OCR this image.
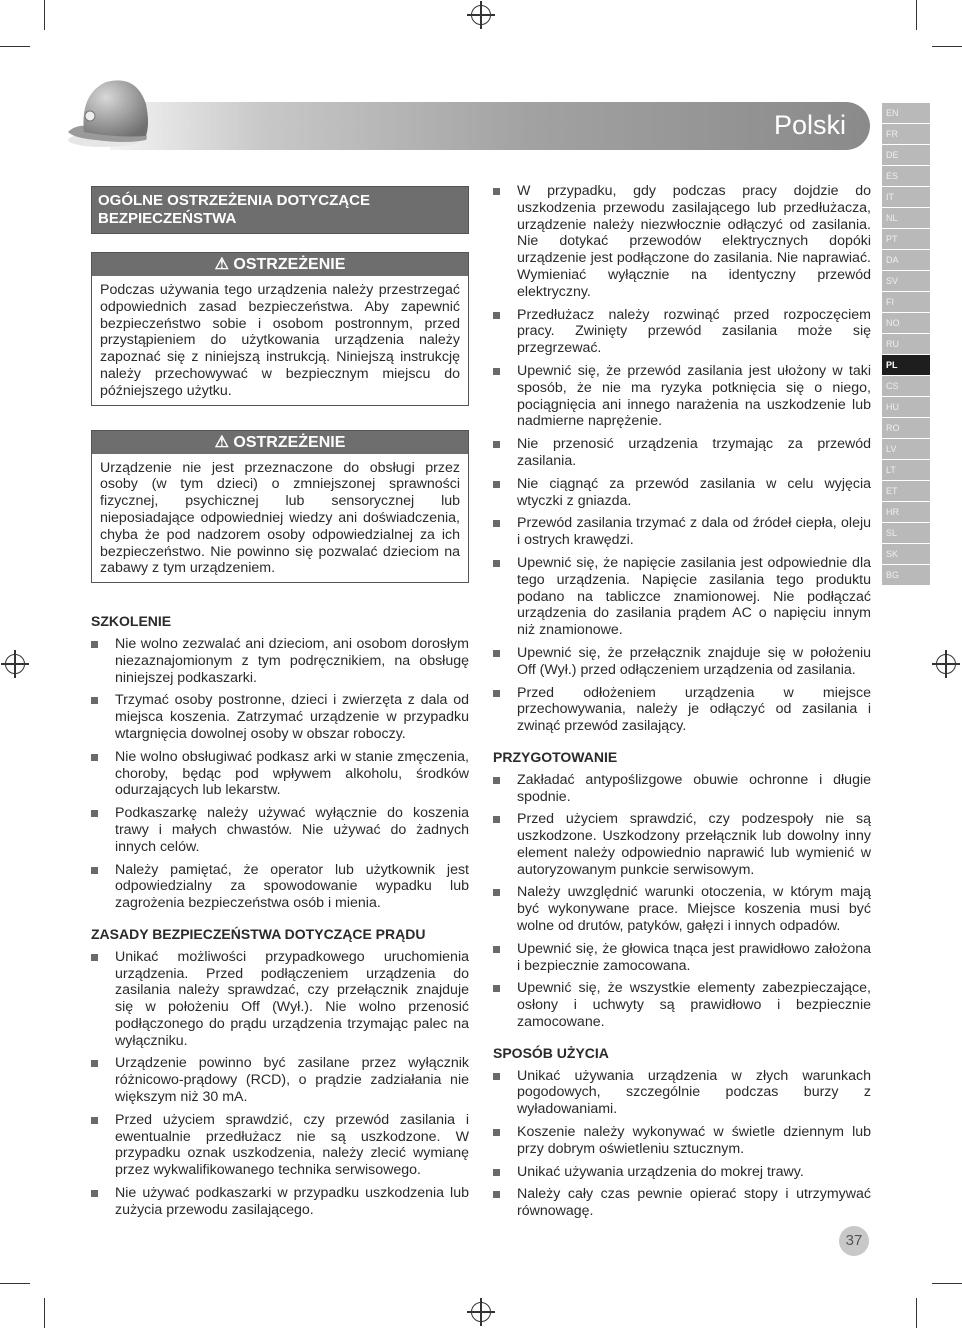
Polski	EN
FR
DE
ES
IT
NL
PT
DA
SV
FI
NO
RU
PL
CS
HU
RO
LV
LT
ET
HR
SL
SK
BG
OGÓLNE OSTRZEŻENIA DOTYCZĄCE BEZPIECZEŃSTWA
⚠ OSTRZEŻENIE
Podczas używania tego urządzenia należy przestrzegać odpowiednich zasad bezpieczeństwa. Aby zapewnić bezpieczeństwo sobie i osobom postronnym, przed przystąpieniem do użytkowania urządzenia należy zapoznać się z niniejszą instrukcją. Niniejszą instrukcję należy przechowywać w bezpiecznym miejscu do późniejszego użytku.
⚠ OSTRZEŻENIE
Urządzenie nie jest przeznaczone do obsługi przez osoby (w tym dzieci) o zmniejszonej sprawności fizycznej, psychicznej lub sensorycznej lub nieposiadające odpowiedniej wiedzy ani doświadczenia, chyba że pod nadzorem osoby odpowiedzialnej za ich bezpieczeństwo. Nie powinno się pozwalać dzieciom na zabawy z tym urządzeniem.
SZKOLENIE
Nie wolno zezwalać ani dzieciom, ani osobom dorosłym niezaznajomionym z tym podręcznikiem, na obsługę niniejszej podkaszarki.
Trzymać osoby postronne, dzieci i zwierzęta z dala od miejsca koszenia. Zatrzymać urządzenie w przypadku wtargnięcia dowolnej osoby w obszar roboczy.
Nie wolno obsługiwać podkasz arki w stanie zmęczenia, choroby, będąc pod wpływem alkoholu, środków odurzających lub lekarstw.
Podkaszarkę należy używać wyłącznie do koszenia trawy i małych chwastów. Nie używać do żadnych innych celów.
Należy pamiętać, że operator lub użytkownik jest odpowiedzialny za spowodowanie wypadku lub zagrożenia bezpieczeństwa osób i mienia.
ZASADY BEZPIECZEŃSTWA DOTYCZĄCE PRĄDU
Unikać możliwości przypadkowego uruchomienia urządzenia. Przed podłączeniem urządzenia do zasilania należy sprawdzać, czy przełącznik znajduje się w położeniu Off (Wył.). Nie wolno przenosić podłączonego do prądu urządzenia trzymając palec na wyłączniku.
Urządzenie powinno być zasilane przez wyłącznik różnicowo-prądowy (RCD), o prądzie zadziałania nie większym niż 30 mA.
Przed użyciem sprawdzić, czy przewód zasilania i ewentualnie przedłużacz nie są uszkodzone. W przypadku oznak uszkodzenia, należy zlecić wymianę przez wykwalifikowanego technika serwisowego.
Nie używać podkaszarki w przypadku uszkodzenia lub zużycia przewodu zasilającego.
W przypadku, gdy podczas pracy dojdzie do uszkodzenia przewodu zasilającego lub przedłużacza, urządzenie należy niezwłocznie odłączyć od zasilania. Nie dotykać przewodów elektrycznych dopóki urządzenie jest podłączone do zasilania. Nie naprawiać. Wymieniać wyłącznie na identyczny przewód elektryczny.
Przedłużacz należy rozwinąć przed rozpoczęciem pracy. Zwinięty przewód zasilania może się przegrzewać.
Upewnić się, że przewód zasilania jest ułożony w taki sposób, że nie ma ryzyka potknięcia się o niego, pociągnięcia ani innego narażenia na uszkodzenie lub nadmierne naprężenie.
Nie przenosić urządzenia trzymając za przewód zasilania.
Nie ciągnąć za przewód zasilania w celu wyjęcia wtyczki z gniazda.
Przewód zasilania trzymać z dala od źródeł ciepła, oleju i ostrych krawędzi.
Upewnić się, że napięcie zasilania jest odpowiednie dla tego urządzenia. Napięcie zasilania tego produktu podano na tabliczce znamionowej. Nie podłączać urządzenia do zasilania prądem AC o napięciu innym niż znamionowe.
Upewnić się, że przełącznik znajduje się w położeniu Off (Wył.) przed odłączeniem urządzenia od zasilania.
Przed odłożeniem urządzenia w miejsce przechowywania, należy je odłączyć od zasilania i zwinąć przewód zasilający.
PRZYGOTOWANIE
Zakładać antypoślizgowe obuwie ochronne i długie spodnie.
Przed użyciem sprawdzić, czy podzespoły nie są uszkodzone. Uszkodzony przełącznik lub dowolny inny element należy odpowiednio naprawić lub wymienić w autoryzowanym punkcie serwisowym.
Należy uwzględnić warunki otoczenia, w którym mają być wykonywane prace. Miejsce koszenia musi być wolne od drutów, patyków, gałęzi i innych odpadów.
Upewnić się, że głowica tnąca jest prawidłowo założona i bezpiecznie zamocowana.
Upewnić się, że wszystkie elementy zabezpieczające, osłony i uchwyty są prawidłowo i bezpiecznie zamocowane.
SPOSÓB UŻYCIA
Unikać używania urządzenia w złych warunkach pogodowych, szczególnie podczas burzy z wyładowaniami.
Koszenie należy wykonywać w świetle dziennym lub przy dobrym oświetleniu sztucznym.
Unikać używania urządzenia do mokrej trawy.
Należy cały czas pewnie opierać stopy i utrzymywać równowagę.
37
